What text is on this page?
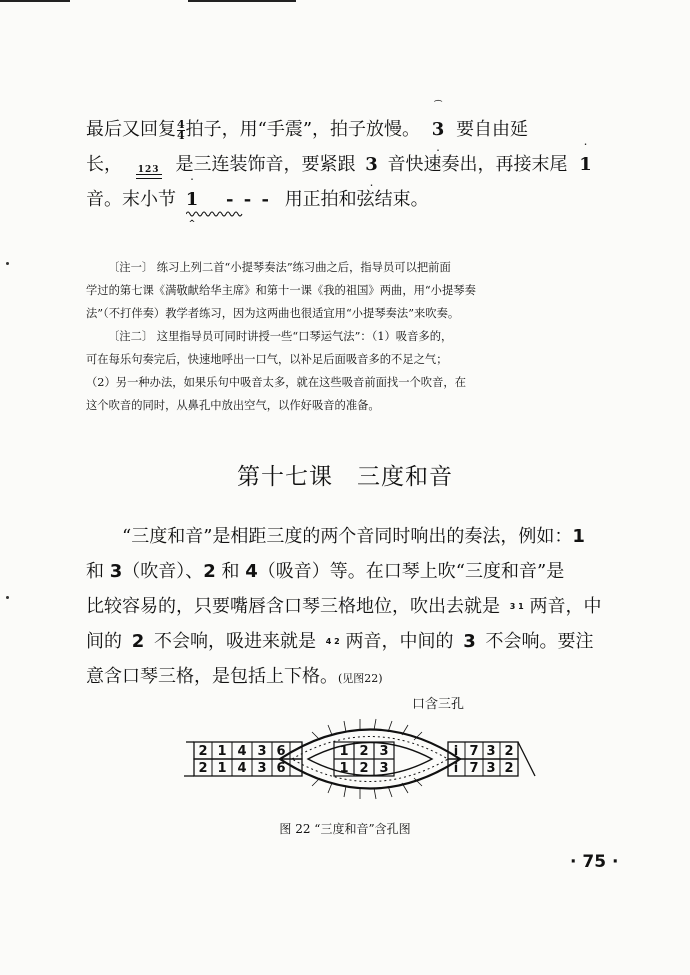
最后又回复 $\frac{4}{4}$ 拍子，用“手震”，拍子放慢。
⌒
3
·
要自由延
长， 123 是三连装饰音，要紧跟 3
·
音快速奏出，再接末尾
·
1
音。末小节
·
1
^

- - - 用正拍和弦结束。

〔注一〕 练习上列二首“小提琴奏法”练习曲之后，指导员可以把前面

学过的第七课《满敬献给华主席》和第十一课《我的祖国》两曲，用“小提琴奏

法”（不打伴奏）教学者练习，因为这两曲也很适宜用“小提琴奏法”来吹奏。

〔注二〕 这里指导员可同时讲授一些“口琴运气法”：（1）吸音多的，

可在每乐句奏完后，快速地呼出一口气，以补足后面吸音多的不足之气；

（2）另一种办法，如果乐句中吸音太多，就在这些吸音前面找一个吹音，在

这个吹音的同时，从鼻孔中放出空气，以作好吸音的准备。

第十七课　三度和音
“三度和音”是相距三度的两个音同时响出的奏法，例如：1
和 3（吹音）、2 和 4（吸音）等。在口琴上吹“三度和音”是
比较容易的，只要嘴唇含口琴三格地位，吹出去就是 3 1 两音，中
间的 2 不会响，吸进来就是 4 2 两音，中间的 3 不会响。要注
意含口琴三格，是包括上下格。(见图22)
口含三孔
2
2
1
1
4
4
3
3
6
6
1
1
2
2
3
3
i
i
7
7
3
3
2
2
图 22 “三度和音”含孔图
· 75 ·
